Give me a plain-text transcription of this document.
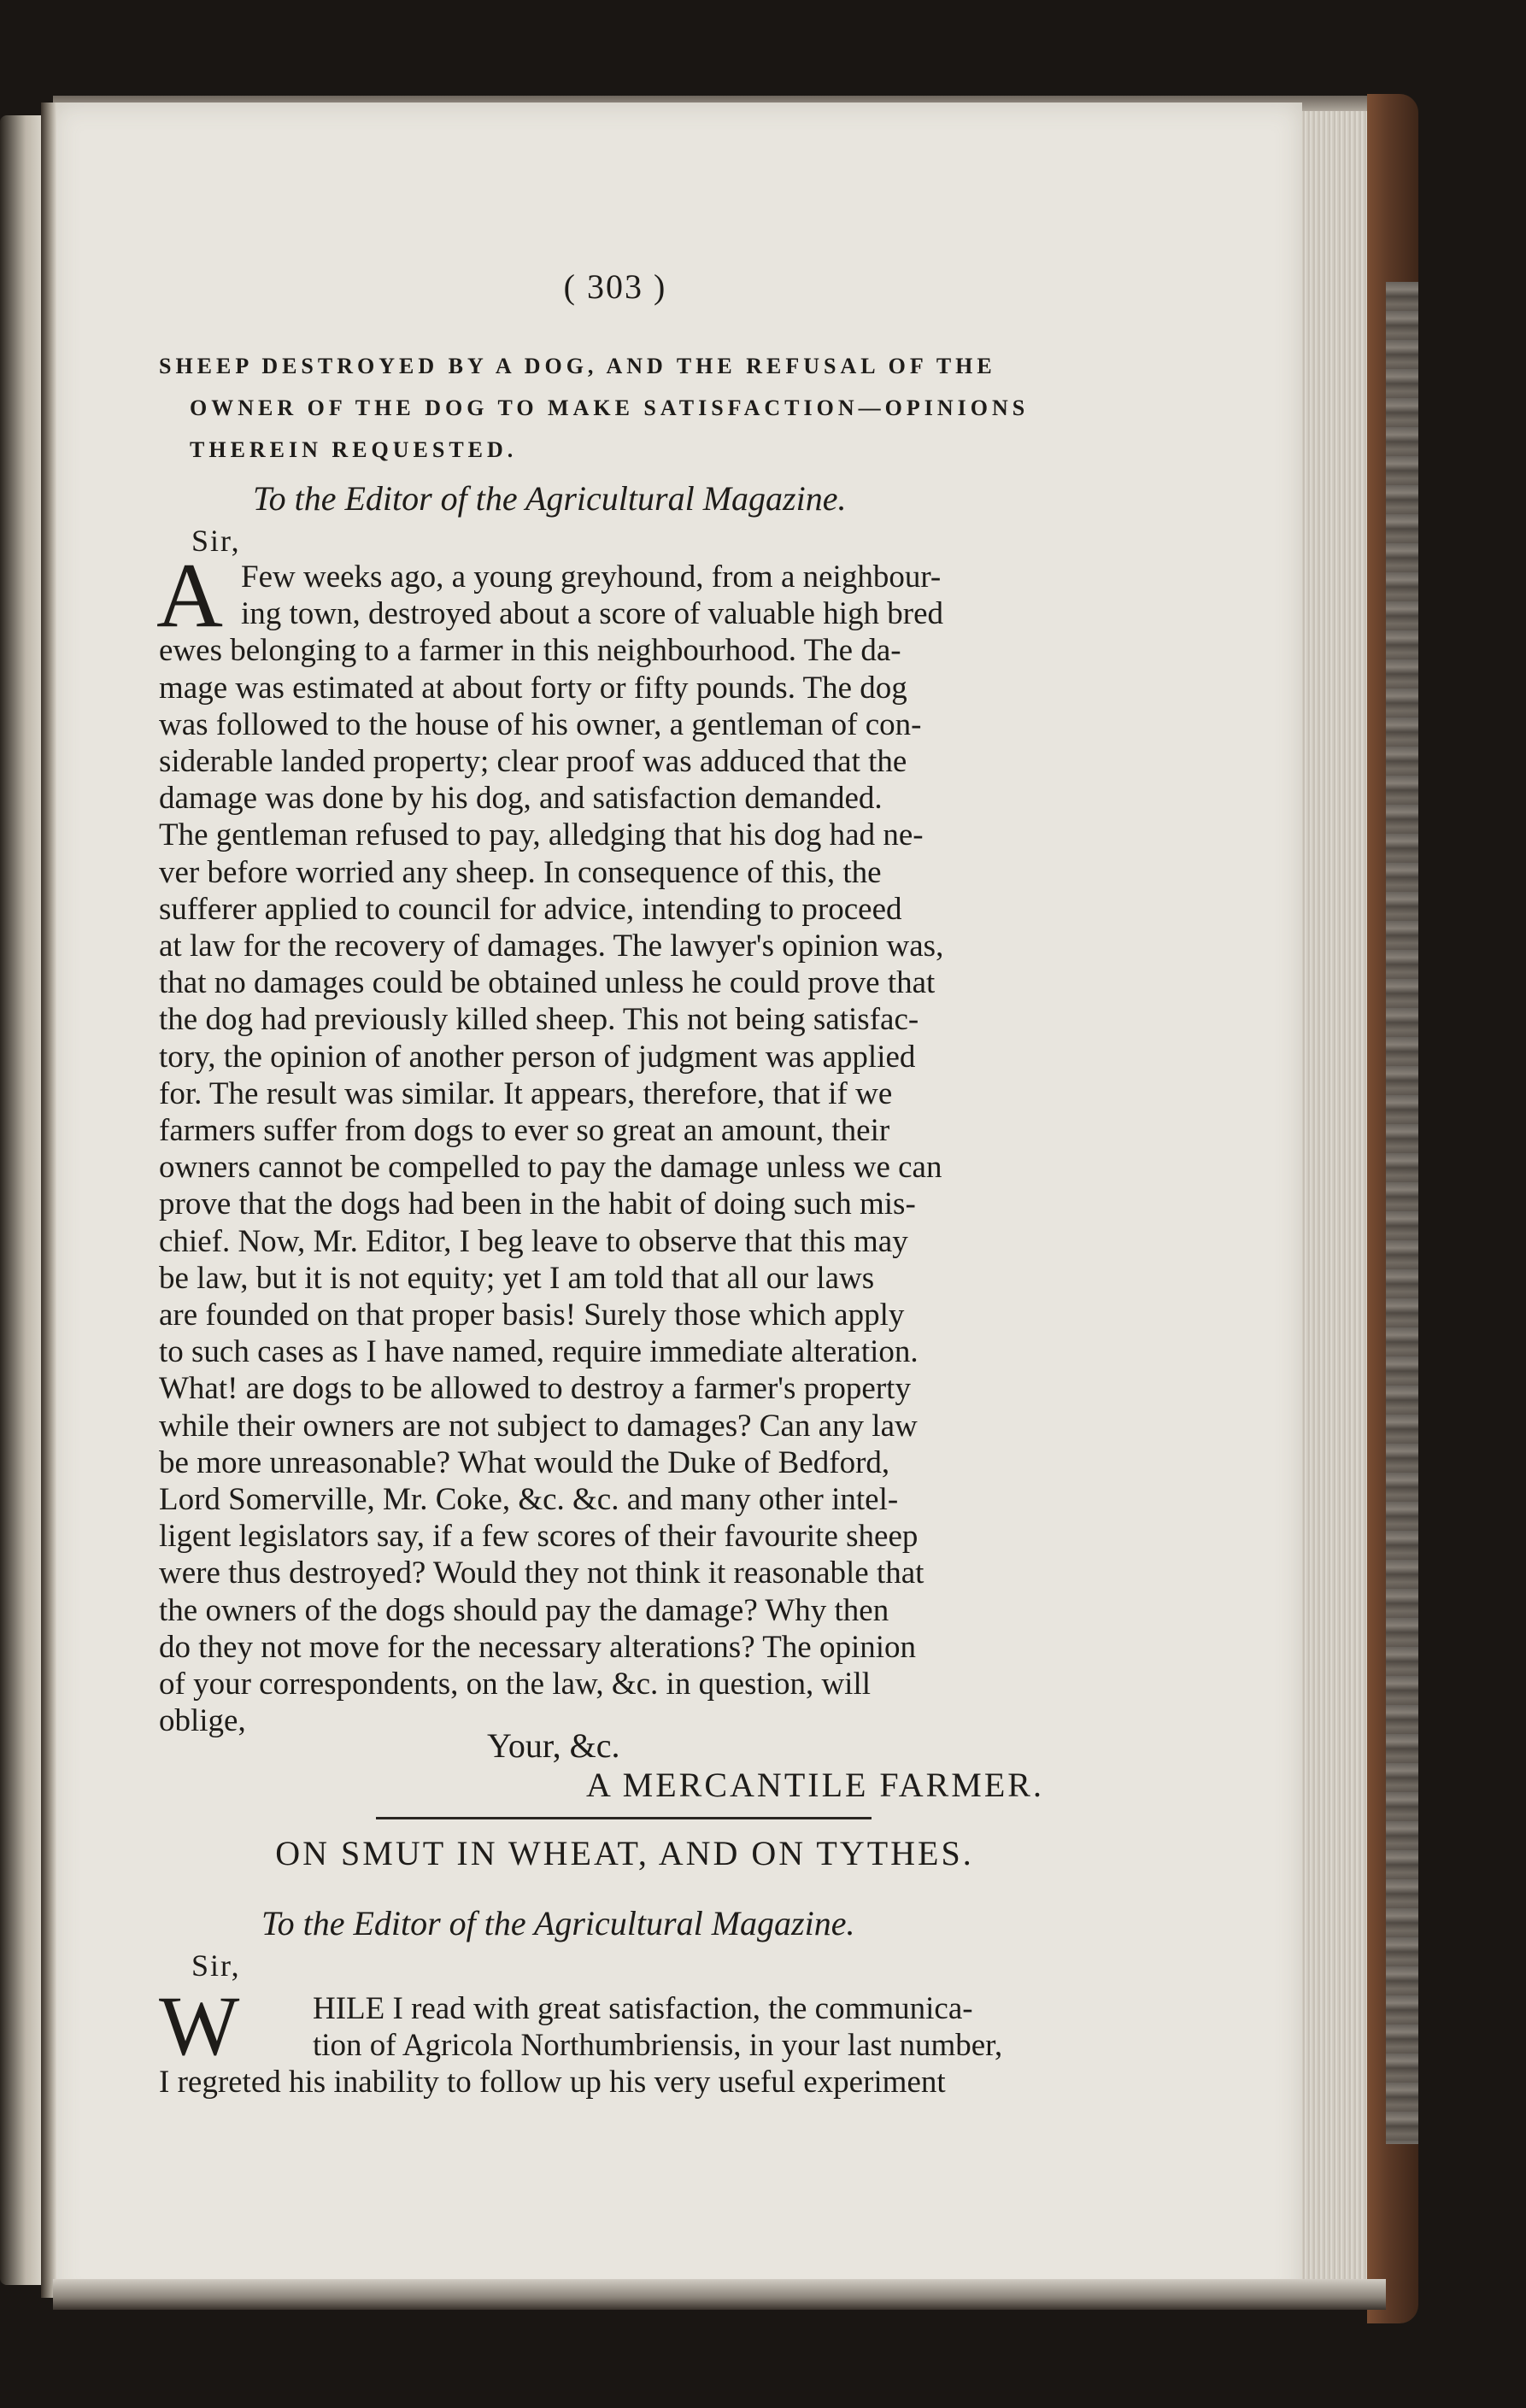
( 303 )
SHEEP DESTROYED BY A DOG, AND THE REFUSAL OF THE
OWNER OF THE DOG TO MAKE SATISFACTION—OPINIONS
THEREIN REQUESTED.
To the Editor of the Agricultural Magazine.
Sir,
A Few weeks ago, a young greyhound, from a neighbour-
ing town, destroyed about a score of valuable high bred
ewes belonging to a farmer in this neighbourhood. The da-
mage was estimated at about forty or fifty pounds. The dog
was followed to the house of his owner, a gentleman of con-
siderable landed property; clear proof was adduced that the
damage was done by his dog, and satisfaction demanded.
The gentleman refused to pay, alledging that his dog had ne-
ver before worried any sheep. In consequence of this, the
sufferer applied to council for advice, intending to proceed
at law for the recovery of damages. The lawyer's opinion was,
that no damages could be obtained unless he could prove that
the dog had previously killed sheep. This not being satisfac-
tory, the opinion of another person of judgment was applied
for. The result was similar. It appears, therefore, that if we
farmers suffer from dogs to ever so great an amount, their
owners cannot be compelled to pay the damage unless we can
prove that the dogs had been in the habit of doing such mis-
chief. Now, Mr. Editor, I beg leave to observe that this may
be law, but it is not equity; yet I am told that all our laws
are founded on that proper basis! Surely those which apply
to such cases as I have named, require immediate alteration.
What! are dogs to be allowed to destroy a farmer's property
while their owners are not subject to damages? Can any law
be more unreasonable? What would the Duke of Bedford,
Lord Somerville, Mr. Coke, &c. &c. and many other intel-
ligent legislators say, if a few scores of their favourite sheep
were thus destroyed? Would they not think it reasonable that
the owners of the dogs should pay the damage? Why then
do they not move for the necessary alterations? The opinion
of your correspondents, on the law, &c. in question, will
oblige,
Your, &c.
A MERCANTILE FARMER.
ON SMUT IN WHEAT, AND ON TYTHES.
To the Editor of the Agricultural Magazine.
Sir,
W	HILE I read with great satisfaction, the communica-
tion of Agricola Northumbriensis, in your last number,
I regreted his inability to follow up his very useful experiment
